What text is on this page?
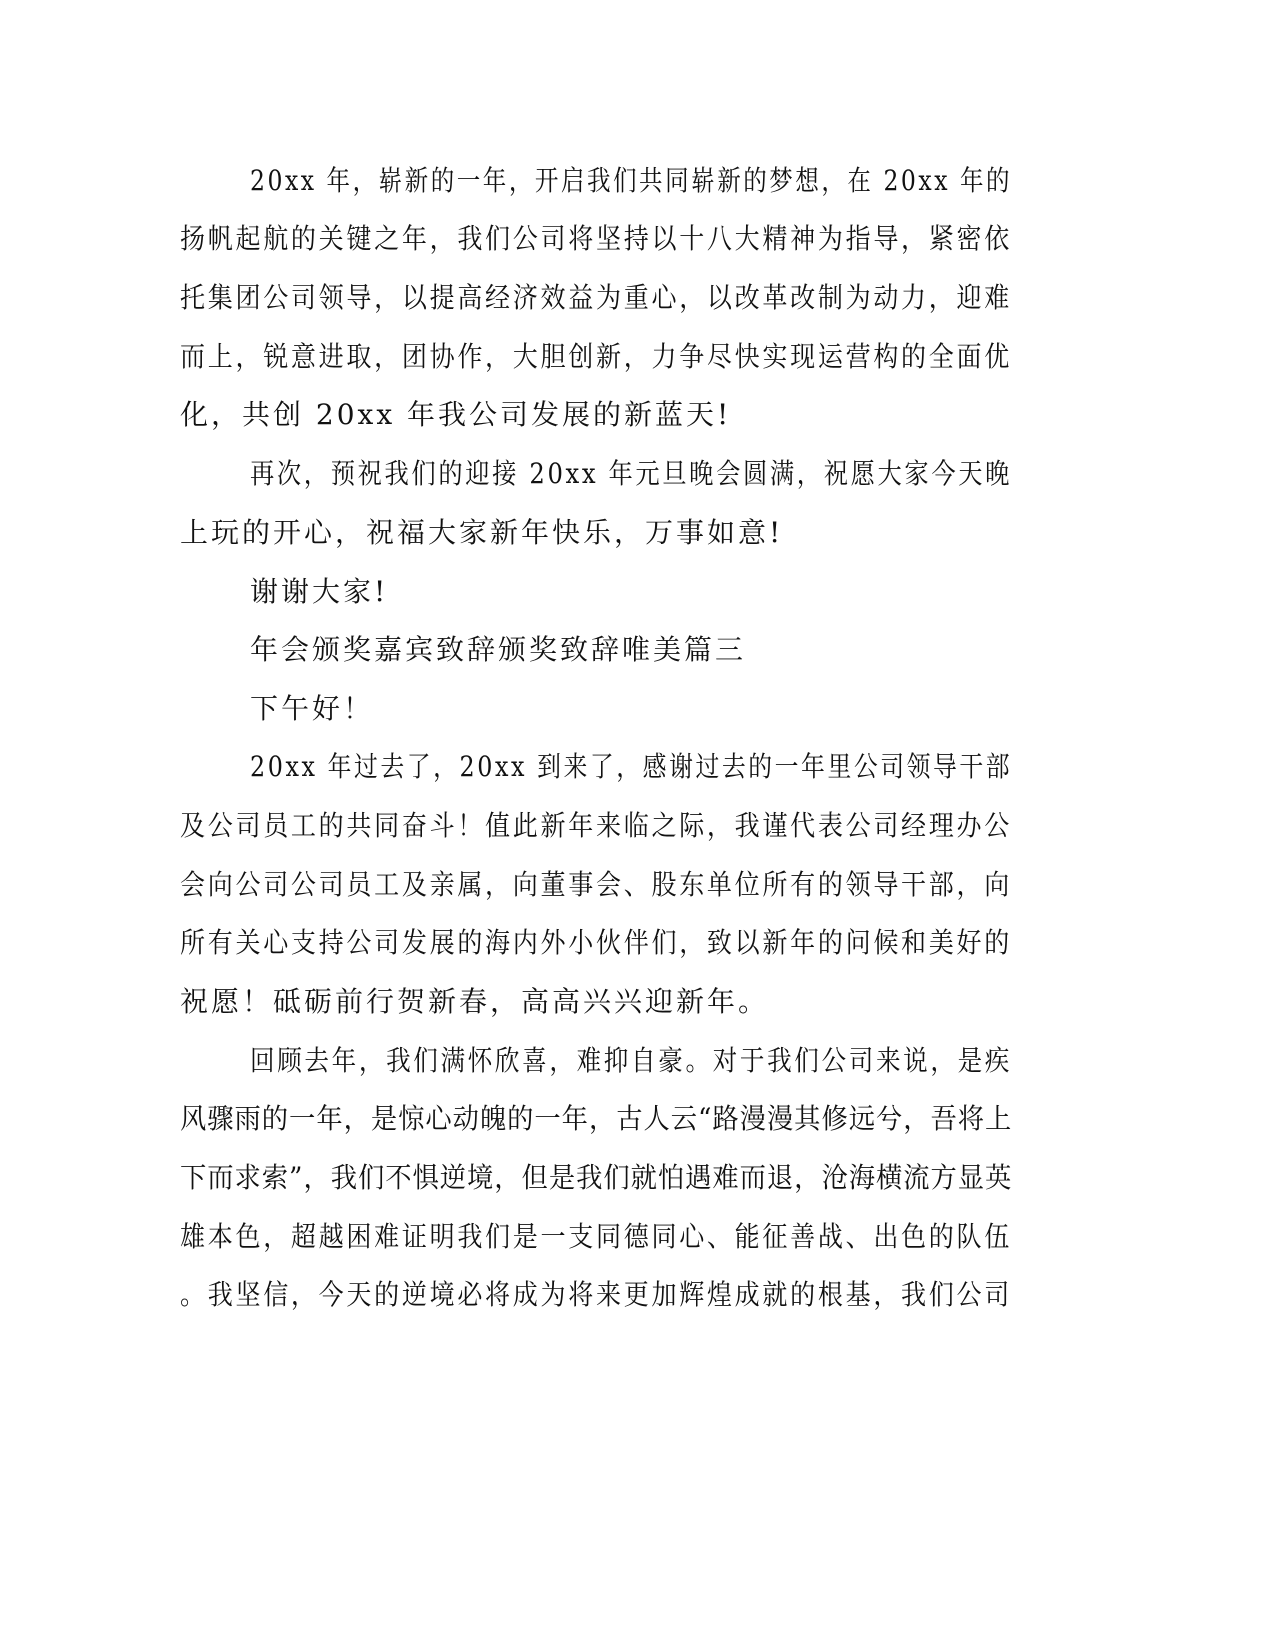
20xx 年，崭新的一年，开启我们共同崭新的梦想，在 20xx 年的
扬帆起航的关键之年，我们公司将坚持以十八大精神为指导，紧密依
托集团公司领导，以提高经济效益为重心，以改革改制为动力，迎难
而上，锐意进取，团协作，大胆创新，力争尽快实现运营构的全面优
化，共创 20xx 年我公司发展的新蓝天!
再次，预祝我们的迎接 20xx 年元旦晚会圆满，祝愿大家今天晚
上玩的开心，祝福大家新年快乐，万事如意!
谢谢大家!
年会颁奖嘉宾致辞颁奖致辞唯美篇三
下午好！
20xx 年过去了，20xx 到来了，感谢过去的一年里公司领导干部
及公司员工的共同奋斗！值此新年来临之际，我谨代表公司经理办公
会向公司公司员工及亲属，向董事会、股东单位所有的领导干部，向
所有关心支持公司发展的海内外小伙伴们，致以新年的问候和美好的
祝愿！砥砺前行贺新春，高高兴兴迎新年。
回顾去年，我们满怀欣喜，难抑自豪。对于我们公司来说，是疾
风骤雨的一年，是惊心动魄的一年，古人云“路漫漫其修远兮，吾将上
下而求索”，我们不惧逆境，但是我们就怕遇难而退，沧海横流方显英
雄本色，超越困难证明我们是一支同德同心、能征善战、出色的队伍
。我坚信，今天的逆境必将成为将来更加辉煌成就的根基，我们公司
